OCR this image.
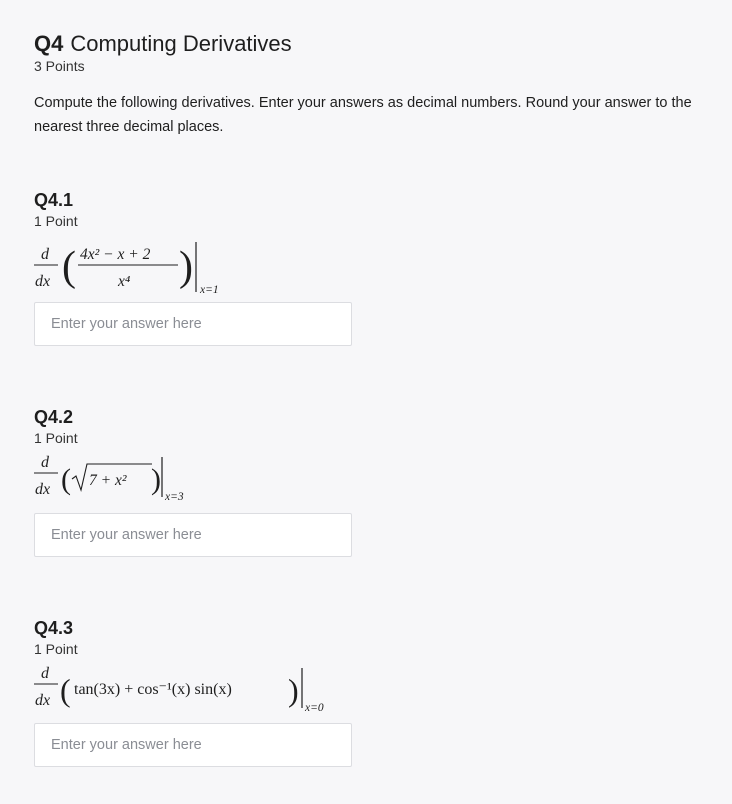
Q4 Computing Derivatives
3 Points
Compute the following derivatives. Enter your answers as decimal numbers. Round your answer to the nearest three decimal places.
Q4.1
1 Point
d
dx ( 4x² − x + 2
x⁴ ) x=1
Enter your answer here
Q4.2
1 Point
d
dx ( 7 + x² )
x=3
Enter your answer here
Q4.3
1 Point
d
dx ( tan(3x) + cos⁻¹(x) sin(x) ) x=0
Enter your answer here
